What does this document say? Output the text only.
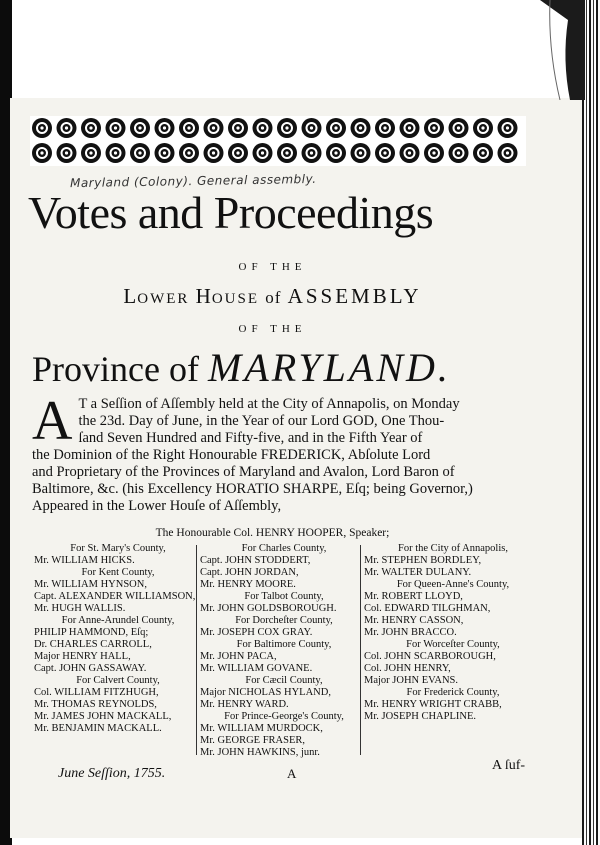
Maryland (Colony). General assembly.
Votes and Proceedings
OF THE
LOWER HOUSE of ASSEMBLY
OF THE
Province of MARYLAND.
A T a Seſſion of Aſſembly held at the City of Annapolis, on Monday
the 23d. Day of June, in the Year of our Lord GOD, One Thou-
ſand Seven Hundred and Fifty-five, and in the Fifth Year of
the Dominion of the Right Honourable FREDERICK, Abſolute Lord
and Proprietary of the Provinces of Maryland and Avalon, Lord Baron of
Baltimore, &c. (his Excellency HORATIO SHARPE, Eſq; being Governor,)
Appeared in the Lower Houſe of Aſſembly,
The Honourable Col. HENRY HOOPER, Speaker;
For St. Mary's County,
Mr. WILLIAM HICKS.
For Kent County,
Mr. WILLIAM HYNSON,
Capt. ALEXANDER WILLIAMSON,
Mr. HUGH WALLIS.
For Anne-Arundel County,
PHILIP HAMMOND, Eſq;
Dr. CHARLES CARROLL,
Major HENRY HALL,
Capt. JOHN GASSAWAY.
For Calvert County,
Col. WILLIAM FITZHUGH,
Mr. THOMAS REYNOLDS,
Mr. JAMES JOHN MACKALL,
Mr. BENJAMIN MACKALL.
For Charles County,
Capt. JOHN STODDERT,
Capt. JOHN JORDAN,
Mr. HENRY MOORE.
For Talbot County,
Mr. JOHN GOLDSBOROUGH.
For Dorcheſter County,
Mr. JOSEPH COX GRAY.
For Baltimore County,
Mr. JOHN PACA,
Mr. WILLIAM GOVANE.
For Cæcil County,
Major NICHOLAS HYLAND,
Mr. HENRY WARD.
For Prince-George's County,
Mr. WILLIAM MURDOCK,
Mr. GEORGE FRASER,
Mr. JOHN HAWKINS, junr.
For the City of Annapolis,
Mr. STEPHEN BORDLEY,
Mr. WALTER DULANY.
For Queen-Anne's County,
Mr. ROBERT LLOYD,
Col. EDWARD TILGHMAN,
Mr. HENRY CASSON,
Mr. JOHN BRACCO.
For Worceſter County,
Col. JOHN SCARBOROUGH,
Col. JOHN HENRY,
Major JOHN EVANS.
For Frederick County,
Mr. HENRY WRIGHT CRABB,
Mr. JOSEPH CHAPLINE.
June Seſſion, 1755.	A
A ſuf-
